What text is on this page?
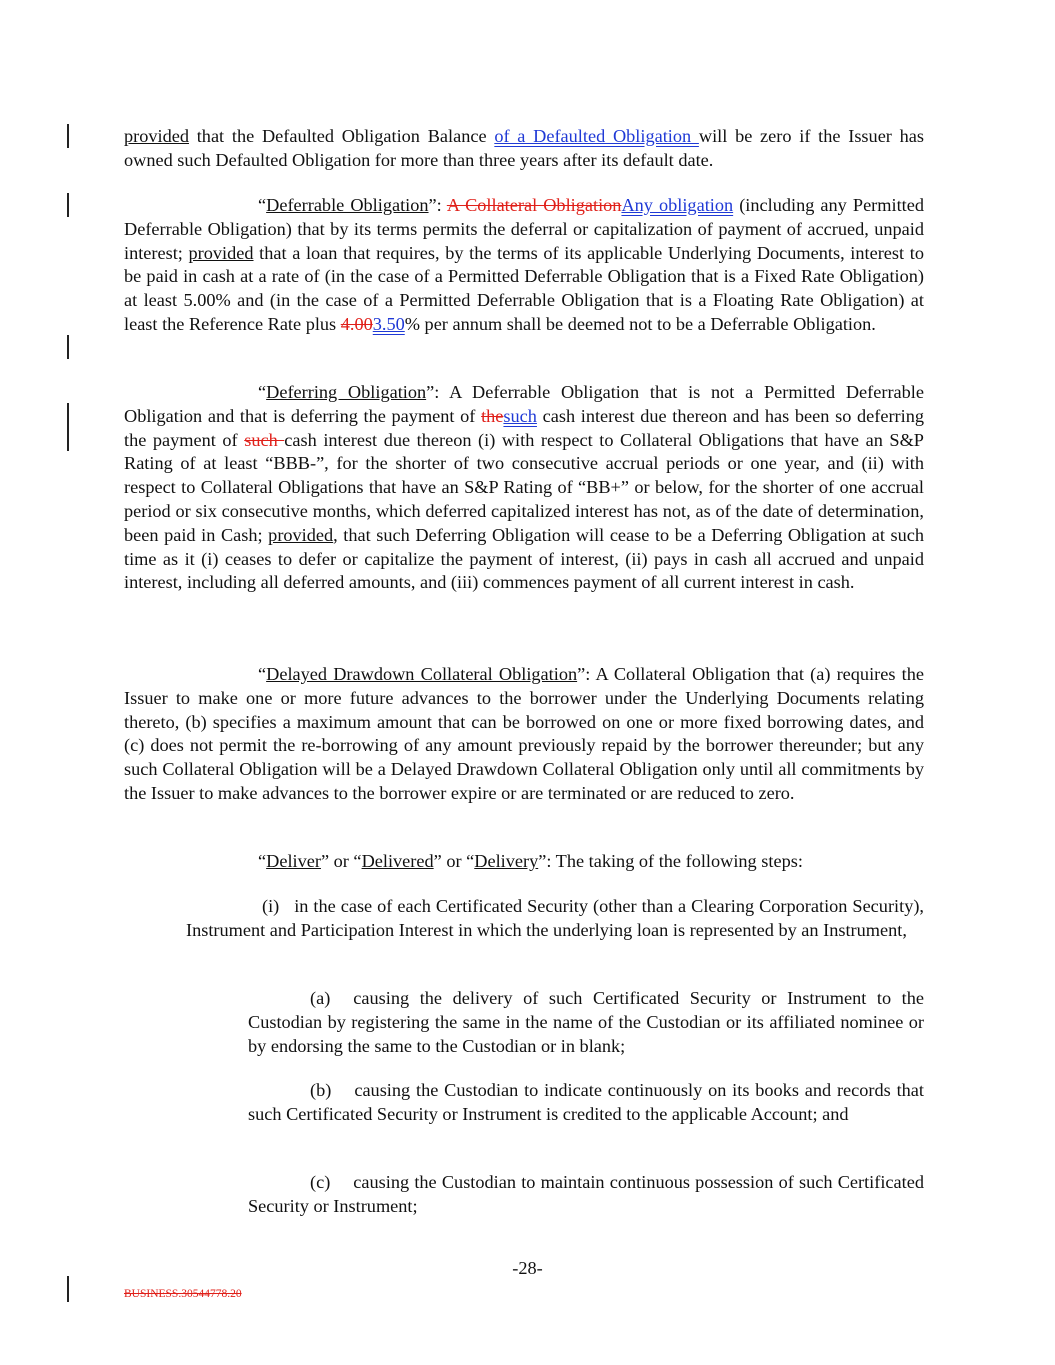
provided that the Defaulted Obligation Balance of a Defaulted Obligation will be zero if the Issuer has owned such Defaulted Obligation for more than three years after its default date.

“Deferrable Obligation”: A Collateral ObligationAny obligation (including any Permitted Deferrable Obligation) that by its terms permits the deferral or capitalization of payment of accrued, unpaid interest; provided that a loan that requires, by the terms of its applicable Underlying Documents, interest to be paid in cash at a rate of (in the case of a Permitted Deferrable Obligation that is a Fixed Rate Obligation) at least 5.00% and (in the case of a Permitted Deferrable Obligation that is a Floating Rate Obligation) at least the Reference Rate plus 4.003.50% per annum shall be deemed not to be a Deferrable Obligation.

“Deferring Obligation”: A Deferrable Obligation that is not a Permitted Deferrable Obligation and that is deferring the payment of thesuch cash interest due thereon and has been so deferring the payment of such cash interest due thereon (i) with respect to Collateral Obligations that have an S&P Rating of at least “BBB-”, for the shorter of two consecutive accrual periods or one year, and (ii) with respect to Collateral Obligations that have an S&P Rating of “BB+” or below, for the shorter of one accrual period or six consecutive months, which deferred capitalized interest has not, as of the date of determination, been paid in Cash; provided, that such Deferring Obligation will cease to be a Deferring Obligation at such time as it (i) ceases to defer or capitalize the payment of interest, (ii) pays in cash all accrued and unpaid interest, including all deferred amounts, and (iii) commences payment of all current interest in cash.

“Delayed Drawdown Collateral Obligation”: A Collateral Obligation that (a) requires the Issuer to make one or more future advances to the borrower under the Underlying Documents relating thereto, (b) specifies a maximum amount that can be borrowed on one or more fixed borrowing dates, and (c) does not permit the re-borrowing of any amount previously repaid by the borrower thereunder; but any such Collateral Obligation will be a Delayed Drawdown Collateral Obligation only until all commitments by the Issuer to make advances to the borrower expire or are terminated or are reduced to zero.

“Deliver” or “Delivered” or “Delivery”: The taking of the following steps:

(i) in the case of each Certificated Security (other than a Clearing Corporation Security), Instrument and Participation Interest in which the underlying loan is represented by an Instrument,

(a) causing the delivery of such Certificated Security or Instrument to the Custodian by registering the same in the name of the Custodian or its affiliated nominee or by endorsing the same to the Custodian or in blank;

(b) causing the Custodian to indicate continuously on its books and records that such Certificated Security or Instrument is credited to the applicable Account; and

(c) causing the Custodian to maintain continuous possession of such Certificated Security or Instrument;

-28-
BUSINESS.30544778.20
